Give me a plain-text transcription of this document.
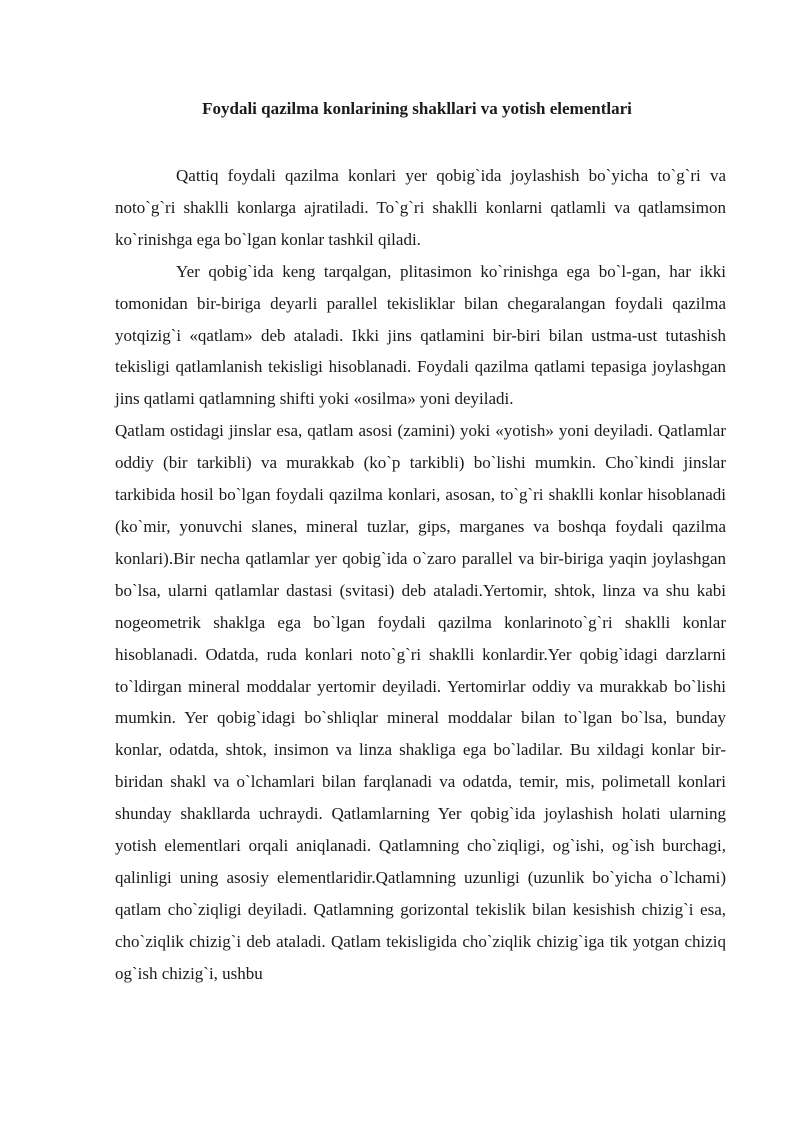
Foydali qazilma konlarining shakllari va yotish elementlari

Qattiq foydali qazilma konlari yer qobig`ida joylashish bo`yicha to`g`ri va noto`g`ri shaklli konlarga ajratiladi. To`g`ri shaklli konlarni qatlamli va qatlamsimon ko`rinishga ega bo`lgan konlar tashkil qiladi.

Yer qobig`ida keng tarqalgan, plitasimon ko`rinishga ega bo`l-gan, har ikki tomonidan bir-biriga deyarli parallel tekisliklar bilan chegaralangan foydali qazilma yotqizig`i «qatlam» deb ataladi. Ikki jins qatlamini bir-biri bilan ustma-ust tutashish tekisligi qatlamlanish tekisligi hisoblanadi. Foydali qazilma qatlami tepasiga joylashgan jins qatlami qatlamning shifti yoki «osilma» yoni deyiladi.

Qatlam ostidagi jinslar esa, qatlam asosi (zamini) yoki «yotish» yoni deyiladi. Qatlamlar oddiy (bir tarkibli) va murakkab (ko`p tarkibli) bo`lishi mumkin. Cho`kindi jinslar tarkibida hosil bo`lgan foydali qazilma konlari, asosan, to`g`ri shaklli konlar hisoblanadi (ko`mir, yonuvchi slanes, mineral tuzlar, gips, marganes va boshqa foydali qazilma konlari).Bir necha qatlamlar yer qobig`ida o`zaro parallel va bir-biriga yaqin joylashgan bo`lsa, ularni qatlamlar dastasi (svitasi) deb ataladi.Yertomir, shtok, linza va shu kabi nogeometrik shaklga ega bo`lgan foydali qazilma konlarinoto`g`ri shaklli konlar hisoblanadi. Odatda, ruda konlari noto`g`ri shaklli konlardir.Yer qobig`idagi darzlarni to`ldirgan mineral moddalar yertomir deyiladi. Yertomirlar oddiy va murakkab bo`lishi mumkin. Yer qobig`idagi bo`shliqlar mineral moddalar bilan to`lgan bo`lsa, bunday konlar, odatda, shtok, insimon va linza shakliga ega bo`ladilar. Bu xildagi konlar bir-biridan shakl va o`lchamlari bilan farqlanadi va odatda, temir, mis, polimetall konlari shunday shakllarda uchraydi. Qatlamlarning Yer qobig`ida joylashish holati ularning yotish elementlari orqali aniqlanadi. Qatlamning cho`ziqligi, og`ishi, og`ish burchagi, qalinligi uning asosiy elementlaridir.Qatlamning uzunligi (uzunlik bo`yicha o`lchami) qatlam cho`ziqligi deyiladi. Qatlamning gorizontal tekislik bilan kesishish chizig`i esa, cho`ziqlik chizig`i deb ataladi. Qatlam tekisligida cho`ziqlik chizig`iga tik yotgan chiziq og`ish chizig`i, ushbu
